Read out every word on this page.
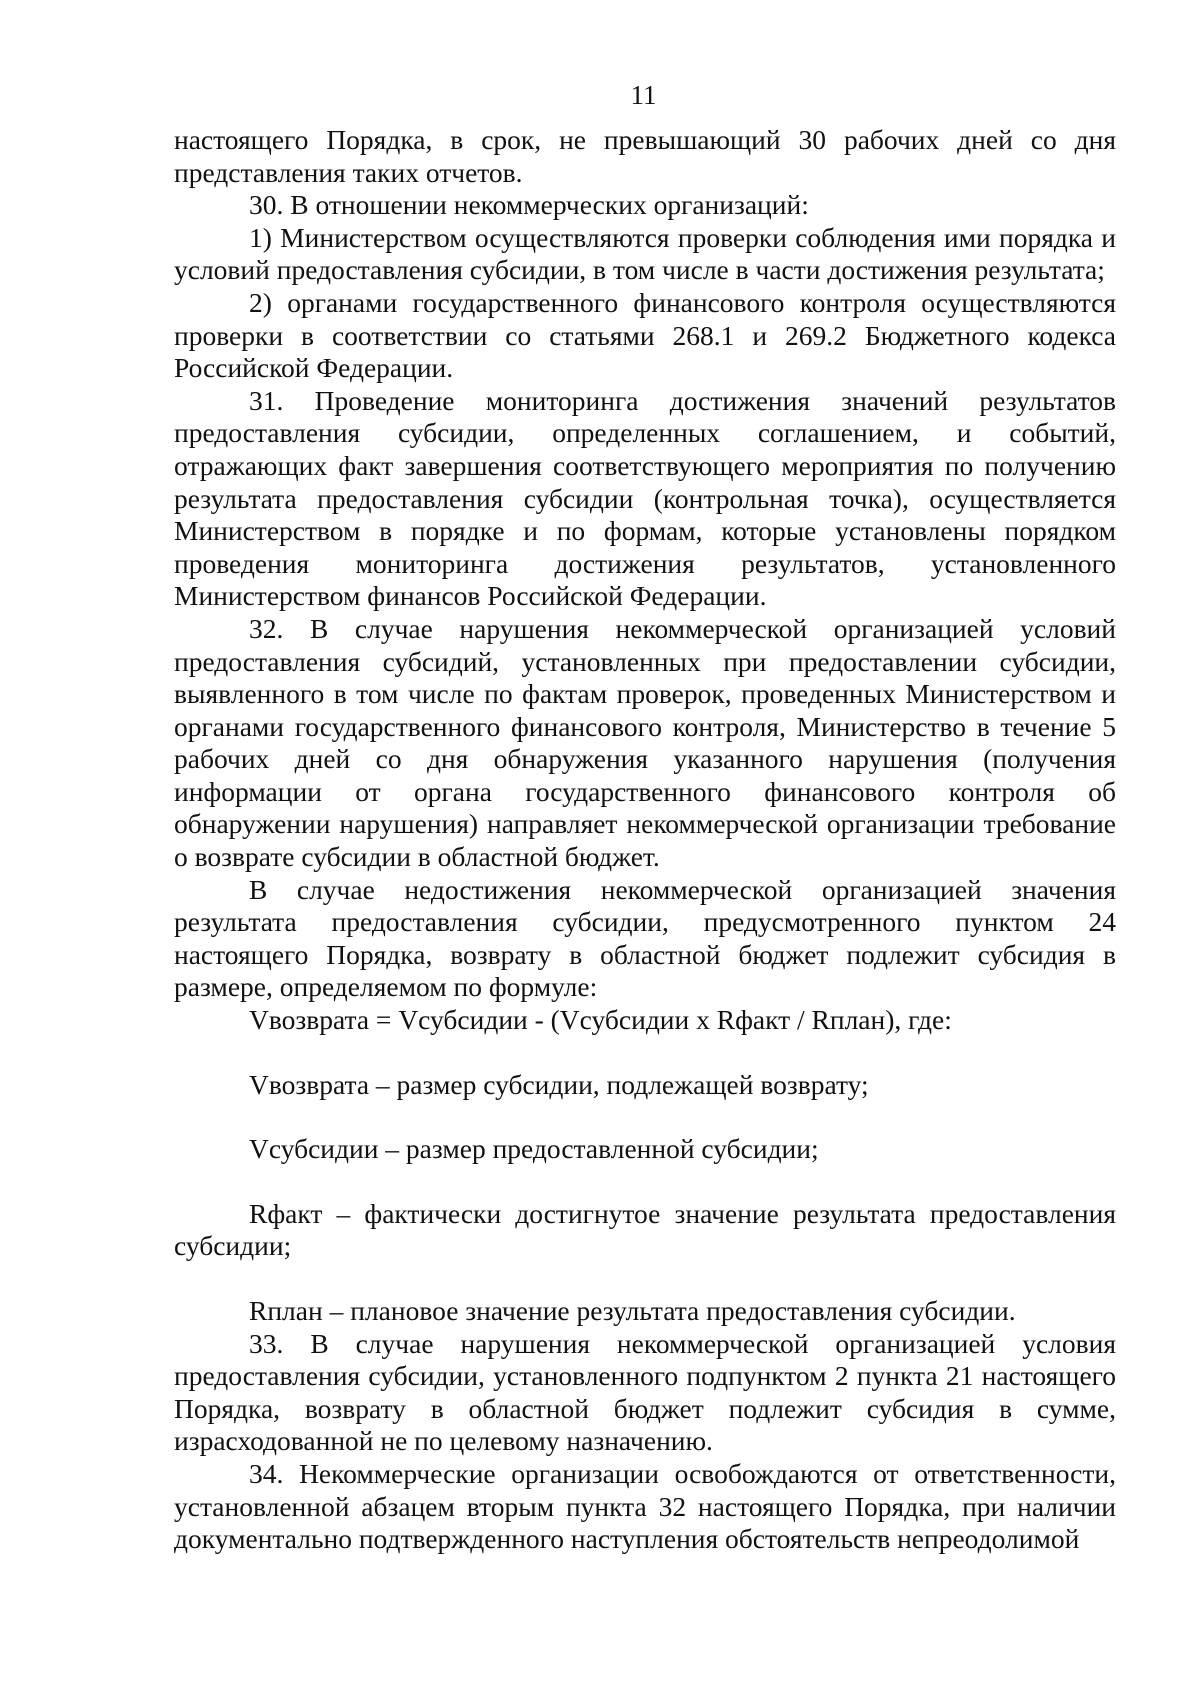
11

настоящего Порядка, в срок, не превышающий 30 рабочих дней со дня представления таких отчетов.

30. В отношении некоммерческих организаций:

1) Министерством осуществляются проверки соблюдения ими порядка и условий предоставления субсидии, в том числе в части достижения результата;

2) органами государственного финансового контроля осуществляются проверки в соответствии со статьями 268.1 и 269.2 Бюджетного кодекса Российской Федерации.

31. Проведение мониторинга достижения значений результатов предоставления субсидии, определенных соглашением, и событий, отражающих факт завершения соответствующего мероприятия по получению результата предоставления субсидии (контрольная точка), осуществляется Министерством в порядке и по формам, которые установлены порядком проведения мониторинга достижения результатов, установленного Министерством финансов Российской Федерации.

32. В случае нарушения некоммерческой организацией условий предоставления субсидий, установленных при предоставлении субсидии, выявленного в том числе по фактам проверок, проведенных Министерством и органами государственного финансового контроля, Министерство в течение 5 рабочих дней со дня обнаружения указанного нарушения (получения информации от органа государственного финансового контроля об обнаружении нарушения) направляет некоммерческой организации требование о возврате субсидии в областной бюджет.

В случае недостижения некоммерческой организацией значения результата предоставления субсидии, предусмотренного пунктом 24 настоящего Порядка, возврату в областной бюджет подлежит субсидия в размере, определяемом по формуле:

Vвозврата = Vсубсидии - (Vсубсидии х Rфакт / Rплан), где:

Vвозврата – размер субсидии, подлежащей возврату;

Vсубсидии – размер предоставленной субсидии;

Rфакт – фактически достигнутое значение результата предоставления субсидии;

Rплан – плановое значение результата предоставления субсидии.

33. В случае нарушения некоммерческой организацией условия предоставления субсидии, установленного подпунктом 2 пункта 21 настоящего Порядка, возврату в областной бюджет подлежит субсидия в сумме, израсходованной не по целевому назначению.

34. Некоммерческие организации освобождаются от ответственности, установленной абзацем вторым пункта 32 настоящего Порядка, при наличии документально подтвержденного наступления обстоятельств непреодолимой
